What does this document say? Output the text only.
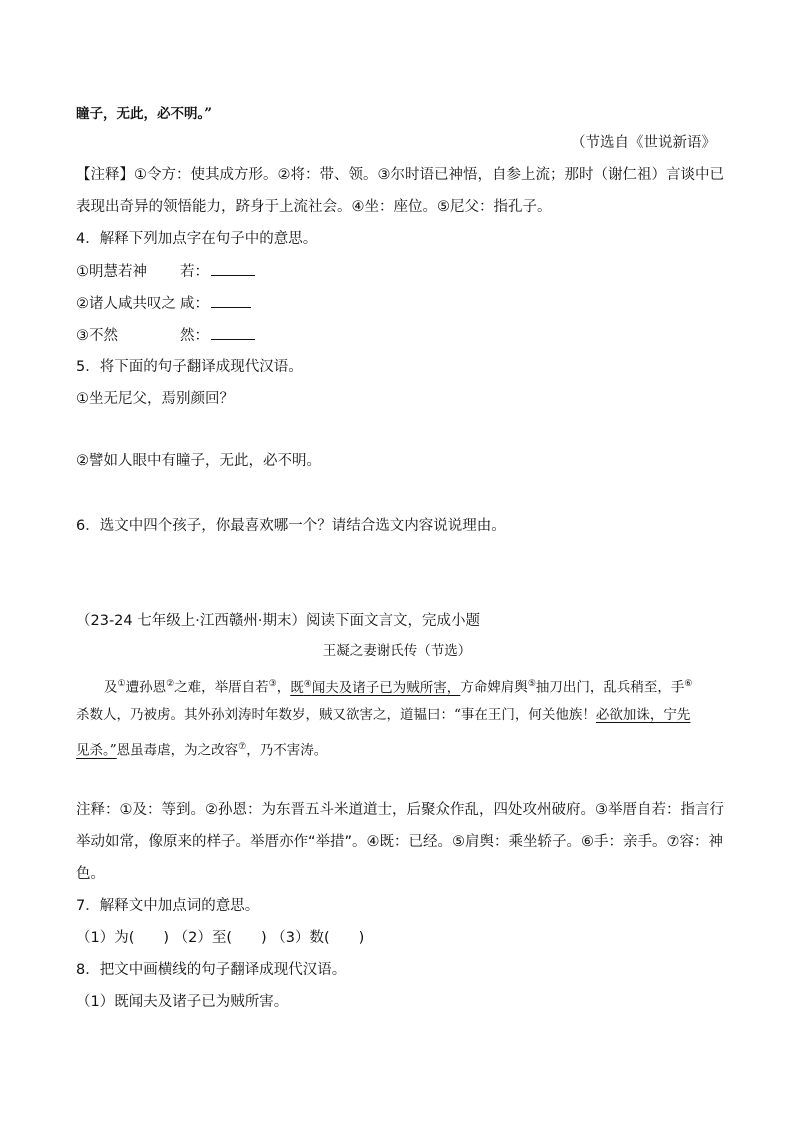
瞳子，无此，必不明。”
（节选自《世说新语》
【注释】①令方：使其成方形。②将：带、领。③尔时语已神悟，自参上流；那时（谢仁祖）言谈中已
表现出奇异的领悟能力，跻身于上流社会。④坐：座位。⑤尼父：指孔子。
4．解释下列加点字在句子中的意思。
①明慧若神 若：
②诸人咸共叹之 咸：
③不然	然：
5．将下面的句子翻译成现代汉语。
①坐无尼父，焉别颜回？
②譬如人眼中有瞳子，无此，必不明。
6．选文中四个孩子，你最喜欢哪一个？请结合选文内容说说理由。
（23-24 七年级上·江西赣州·期末）阅读下面文言文，完成小题
王凝之妻谢氏传（节选）
及①遭孙恩②之难，举厝自若③，既④闻夫及诸子已为贼所害，方命婢肩舆⑤抽刀出门，乱兵稍至，手⑥
杀数人，乃被虏。其外孙刘涛时年数岁，贼又欲害之，道韫曰：“事在王门，何关他族！必欲加诛，宁先
见杀。”恩虽毒虐，为之改容⑦，乃不害涛。
注释：①及：等到。②孙恩：为东晋五斗米道道士，后聚众作乱，四处攻州破府。③举厝自若：指言行
举动如常，像原来的样子。举厝亦作“举措”。④既：已经。⑤肩舆：乘坐轿子。⑥手：亲手。⑦容：神
色。
7．解释文中加点词的意思。
（1）为(　　) （2）至(　　) （3）数(　　)
8．把文中画横线的句子翻译成现代汉语。
（1）既闻夫及诸子已为贼所害。
